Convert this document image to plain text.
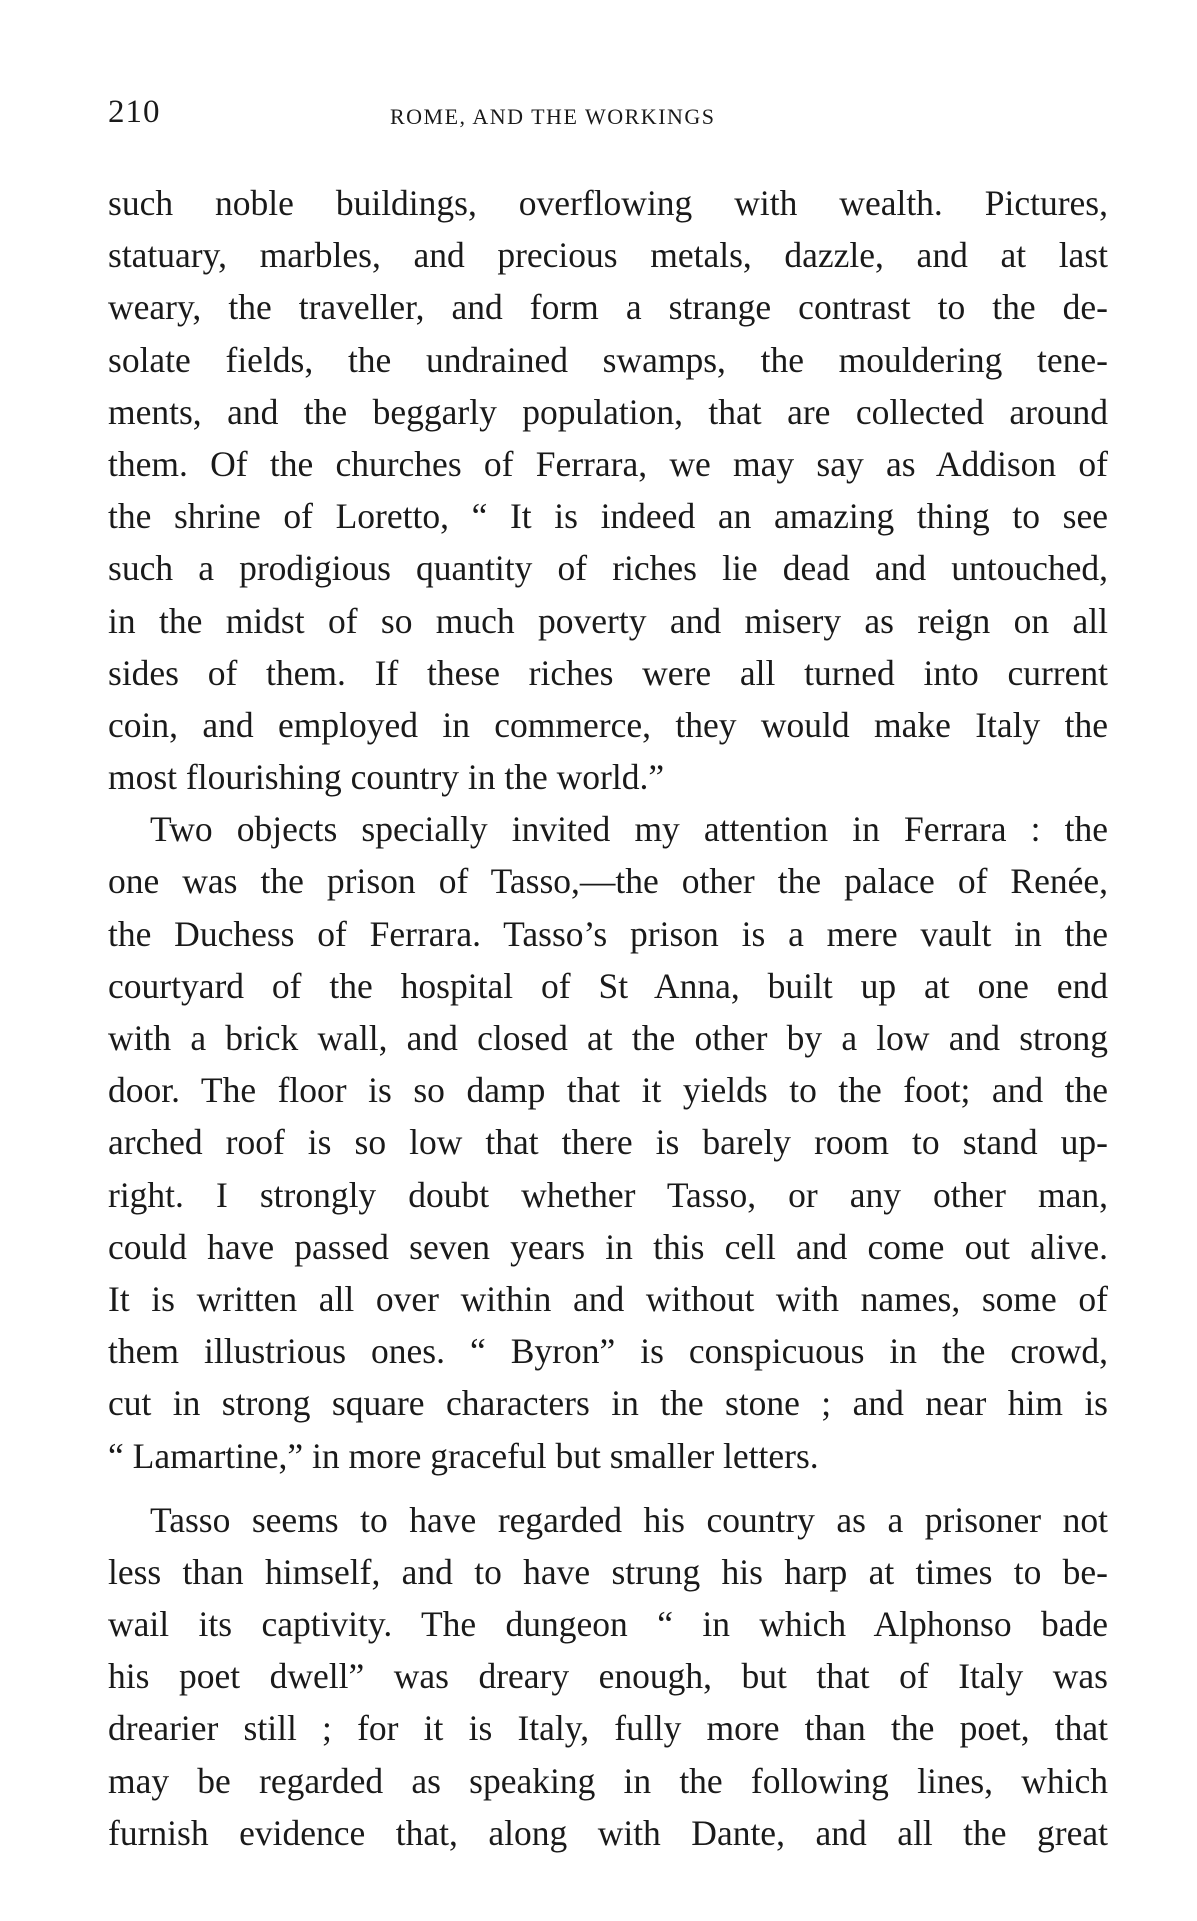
210	ROME, AND THE WORKINGS
such noble buildings, overflowing with wealth. Pictures,
statuary, marbles, and precious metals, dazzle, and at last
weary, the traveller, and form a strange contrast to the de-
solate fields, the undrained swamps, the mouldering tene-
ments, and the beggarly population, that are collected around
them. Of the churches of Ferrara, we may say as Addison of
the shrine of Loretto, “ It is indeed an amazing thing to see
such a prodigious quantity of riches lie dead and untouched,
in the midst of so much poverty and misery as reign on all
sides of them. If these riches were all turned into current
coin, and employed in commerce, they would make Italy the
most flourishing country in the world.”
Two objects specially invited my attention in Ferrara : the
one was the prison of Tasso,—the other the palace of Renée,
the Duchess of Ferrara. Tasso’s prison is a mere vault in the
courtyard of the hospital of St Anna, built up at one end
with a brick wall, and closed at the other by a low and strong
door. The floor is so damp that it yields to the foot; and the
arched roof is so low that there is barely room to stand up-
right. I strongly doubt whether Tasso, or any other man,
could have passed seven years in this cell and come out alive.
It is written all over within and without with names, some of
them illustrious ones. “ Byron” is conspicuous in the crowd,
cut in strong square characters in the stone ; and near him is
“ Lamartine,” in more graceful but smaller letters.
Tasso seems to have regarded his country as a prisoner not
less than himself, and to have strung his harp at times to be-
wail its captivity. The dungeon “ in which Alphonso bade
his poet dwell” was dreary enough, but that of Italy was
drearier still ; for it is Italy, fully more than the poet, that
may be regarded as speaking in the following lines, which
furnish evidence that, along with Dante, and all the great
